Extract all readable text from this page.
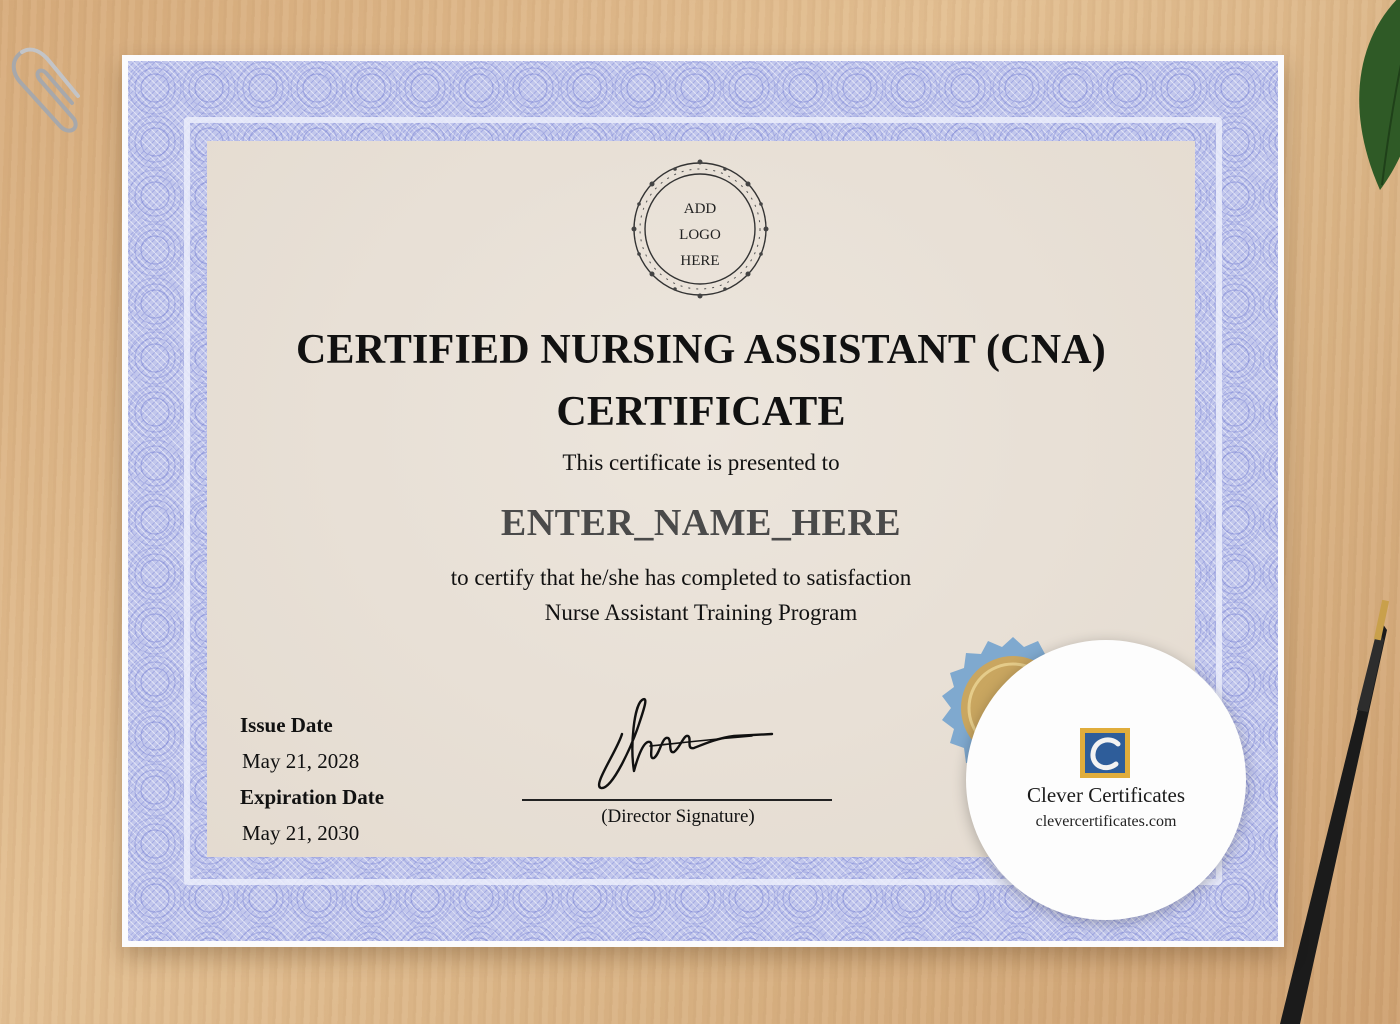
ADD
LOGO
HERE
CERTIFIED NURSING ASSISTANT (CNA)
CERTIFICATE
This certificate is presented to
ENTER_NAME_HERE
to certify that he/she has completed to satisfaction
Nurse Assistant Training Program
Issue Date
May 21, 2028
Expiration Date
May 21, 2030
(Director Signature)
Clever Certificates
clevercertificates.com
